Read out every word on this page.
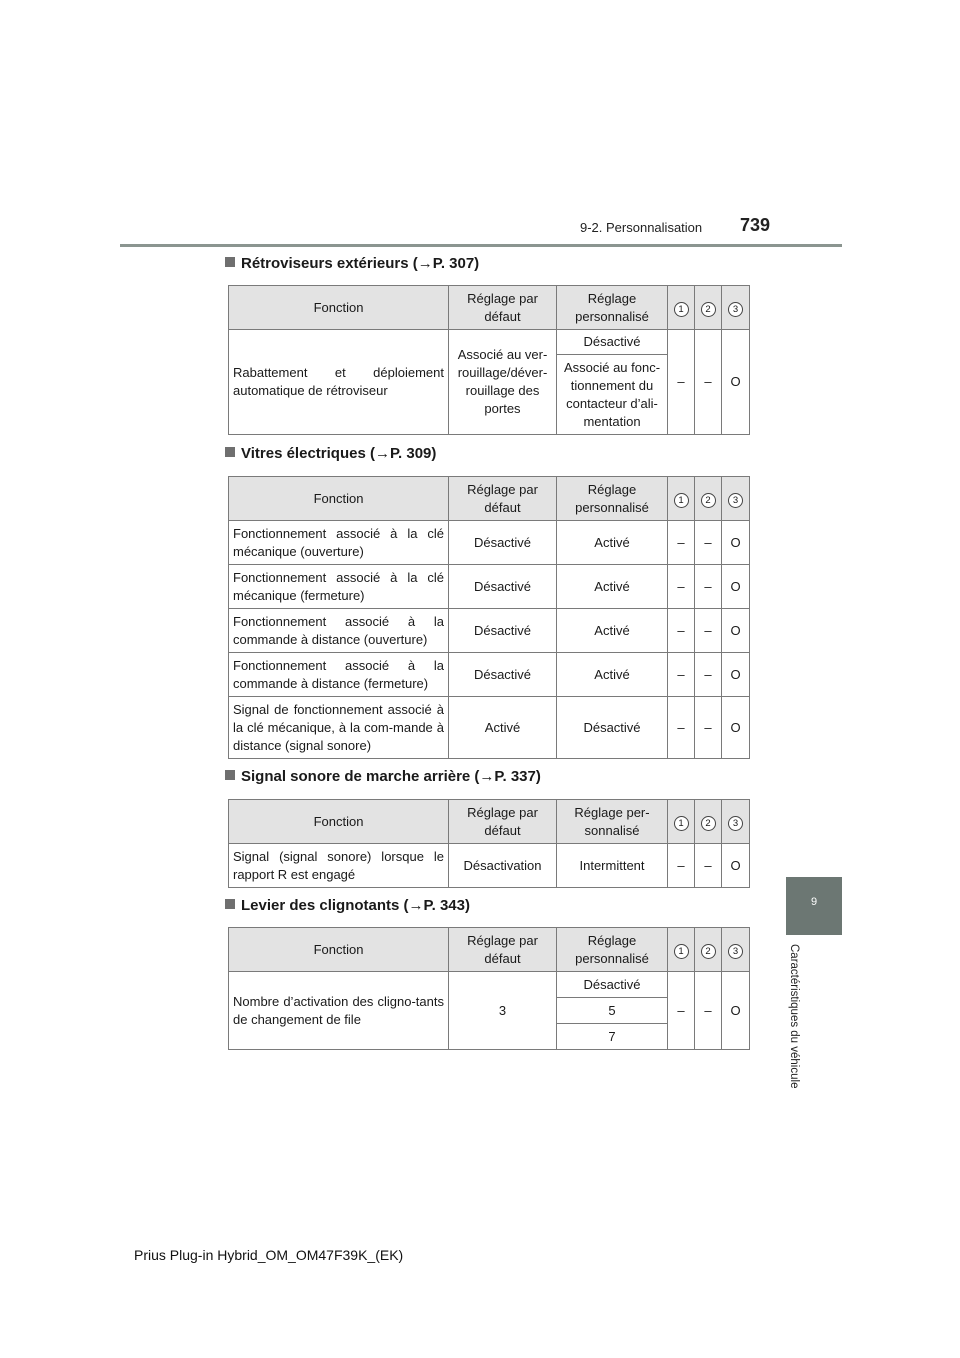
9-2. Personnalisation 739
9
Caractéristiques du véhicule
Rétroviseurs extérieurs (→P. 307)
Fonction	Réglage par défaut	Réglage personnalisé	1	2	3
Rabattement et déploiement automatique de rétroviseur	Associé au ver-rouillage/déver-rouillage des portes	Désactivé	–	–	O
		Associé au fonc-tionnement du contacteur d’ali-mentation			
Vitres électriques (→P. 309)
Fonction	Réglage par défaut	Réglage personnalisé	1	2	3
Fonctionnement associé à la clé mécanique (ouverture)	Désactivé	Activé	–	–	O
Fonctionnement associé à la clé mécanique (fermeture)	Désactivé	Activé	–	–	O
Fonctionnement associé à la commande à distance (ouverture)	Désactivé	Activé	–	–	O
Fonctionnement associé à la commande à distance (fermeture)	Désactivé	Activé	–	–	O
Signal de fonctionnement associé à la clé mécanique, à la com-mande à distance (signal sonore)	Activé	Désactivé	–	–	O
Signal sonore de marche arrière (→P. 337)
Fonction	Réglage par défaut	Réglage per-sonnalisé	1	2	3
Signal (signal sonore) lorsque le rapport R est engagé	Désactivation	Intermittent	–	–	O
Levier des clignotants (→P. 343)
Fonction	Réglage par défaut	Réglage personnalisé	1	2	3
Nombre d’activation des cligno-tants de changement de file	3	Désactivé	–	–	O
		5			
		7			
Prius Plug-in Hybrid_OM_OM47F39K_(EK)
